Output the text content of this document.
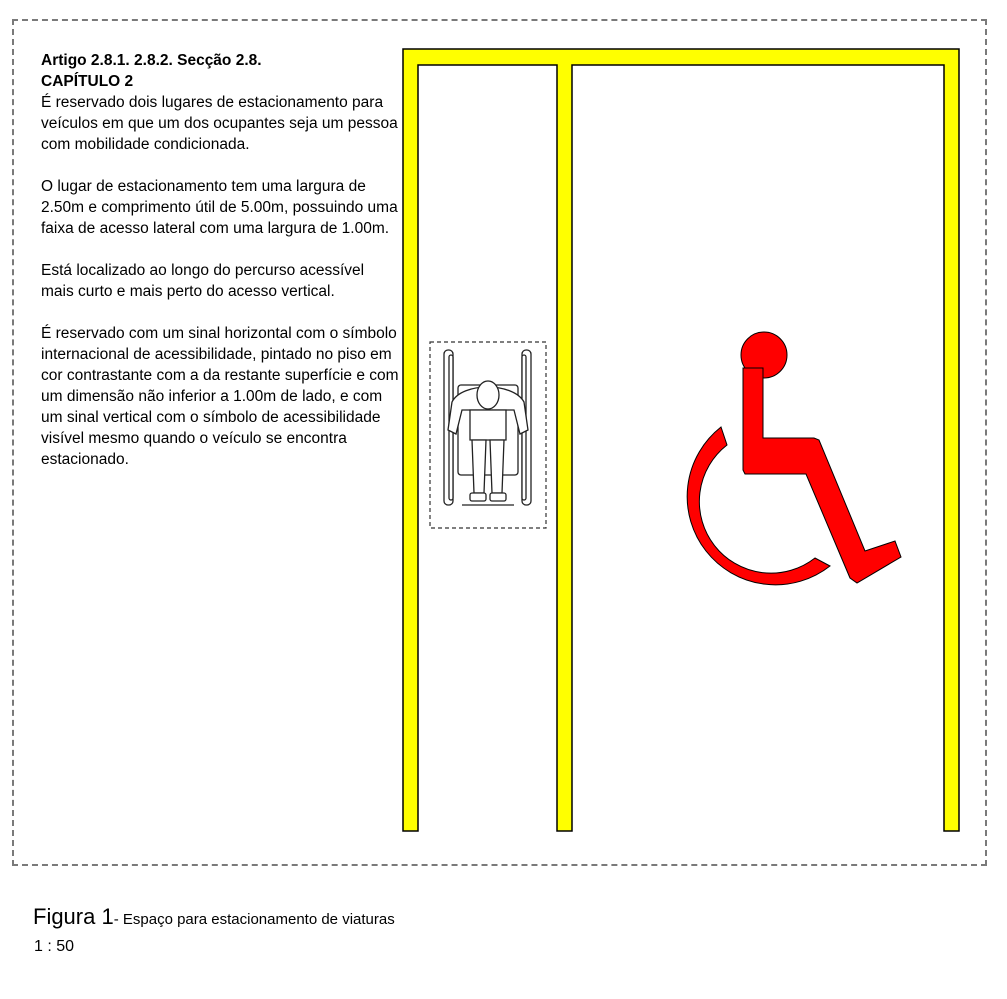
Artigo 2.8.1. 2.8.2. Secção 2.8.
CAPÍTULO 2

É reservado dois lugares de estacionamento para veículos em que um dos ocupantes seja um pessoa com mobilidade condicionada.

O lugar de estacionamento tem uma largura de 2.50m e comprimento útil de 5.00m, possuindo uma faixa de acesso lateral com uma largura de 1.00m.

Está localizado ao longo do percurso acessível mais curto e mais perto do acesso vertical.

É reservado com um sinal horizontal com o símbolo internacional de acessibilidade, pintado no piso em cor contrastante com a da restante superfície e com um dimensão não inferior a 1.00m de lado, e com um sinal vertical com o símbolo de acessibilidade visível mesmo quando o veículo se encontra estacionado.

Figura 1- Espaço para estacionamento de viaturas
1 : 50
